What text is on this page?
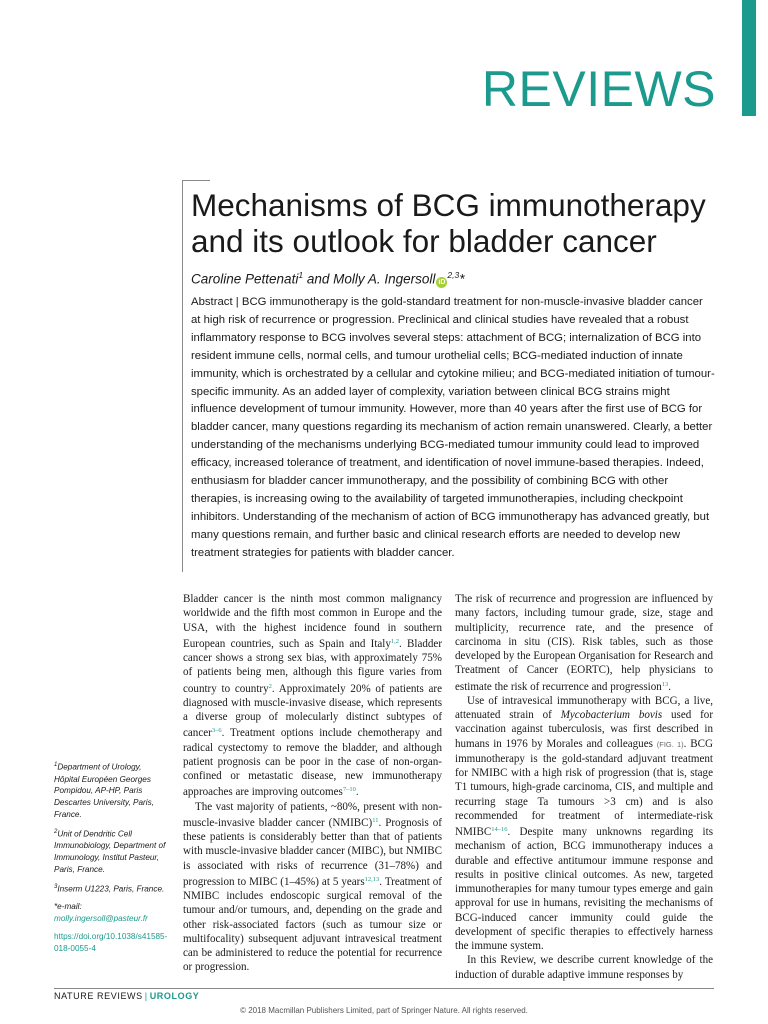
REVIEWS
Mechanisms of BCG immunotherapy and its outlook for bladder cancer
Caroline Pettenati$^1$ and Molly A. Ingersoll iD$^{2,3}$*
Abstract | BCG immunotherapy is the gold-standard treatment for non-muscle-invasive bladder cancer at high risk of recurrence or progression. Preclinical and clinical studies have revealed that a robust inflammatory response to BCG involves several steps: attachment of BCG; internalization of BCG into resident immune cells, normal cells, and tumour urothelial cells; BCG-mediated induction of innate immunity, which is orchestrated by a cellular and cytokine milieu; and BCG-mediated initiation of tumour-specific immunity. As an added layer of complexity, variation between clinical BCG strains might influence development of tumour immunity. However, more than 40 years after the first use of BCG for bladder cancer, many questions regarding its mechanism of action remain unanswered. Clearly, a better understanding of the mechanisms underlying BCG-mediated tumour immunity could lead to improved efficacy, increased tolerance of treatment, and identification of novel immune-based therapies. Indeed, enthusiasm for bladder cancer immunotherapy, and the possibility of combining BCG with other therapies, is increasing owing to the availability of targeted immunotherapies, including checkpoint inhibitors. Understanding of the mechanism of action of BCG immunotherapy has advanced greatly, but many questions remain, and further basic and clinical research efforts are needed to develop new treatment strategies for patients with bladder cancer.

Bladder cancer is the ninth most common malignancy worldwide and the fifth most common in Europe and the USA, with the highest incidence found in southern European countries, such as Spain and Italy$^{1,2}$. Bladder cancer shows a strong sex bias, with approximately 75% of patients being men, although this figure varies from country to country$^2$. Approximately 20% of patients are diagnosed with muscle-invasive disease, which represents a diverse group of molecularly distinct subtypes of cancer$^{3-6}$. Treatment options include chemotherapy and radical cystectomy to remove the bladder, and although patient prognosis can be poor in the case of non-organ-confined or metastatic disease, new immunotherapy approaches are improving outcomes$^{7-10}$.

The vast majority of patients, ~80%, present with non-muscle-invasive bladder cancer (NMIBC)$^{11}$. Prognosis of these patients is considerably better than that of patients with muscle-invasive bladder cancer (MIBC), but NMIBC is associated with risks of recurrence (31–78%) and progression to MIBC (1–45%) at 5 years$^{12,13}$. Treatment of NMIBC includes endoscopic surgical removal of the tumour and/or tumours, and, depending on the grade and other risk-associated factors (such as tumour size or multifocality) subsequent adjuvant intravesical treatment can be administered to reduce the potential for recurrence or progression.

The risk of recurrence and progression are influenced by many factors, including tumour grade, size, stage and multiplicity, recurrence rate, and the presence of carcinoma in situ (CIS). Risk tables, such as those developed by the European Organisation for Research and Treatment of Cancer (EORTC), help physicians to estimate the risk of recurrence and progression$^{13}$.

Use of intravesical immunotherapy with BCG, a live, attenuated strain of Mycobacterium bovis used for vaccination against tuberculosis, was first described in humans in 1976 by Morales and colleagues (FIG. 1). BCG immunotherapy is the gold-standard adjuvant treatment for NMIBC with a high risk of progression (that is, stage T1 tumours, high-grade carcinoma, CIS, and multiple and recurring stage Ta tumours >3 cm) and is also recommended for treatment of intermediate-risk NMIBC$^{14-16}$. Despite many unknowns regarding its mechanism of action, BCG immunotherapy induces a durable and effective antitumour immune response and results in positive clinical outcomes. As new, targeted immunotherapies for many tumour types emerge and gain approval for use in humans, revisiting the mechanisms of BCG-induced cancer immunity could guide the development of specific therapies to effectively harness the immune system.

In this Review, we describe current knowledge of the induction of durable adaptive immune responses by

$^1$Department of Urology, Hôpital Européen Georges Pompidou, AP-HP, Paris Descartes University, Paris, France.
$^2$Unit of Dendritic Cell Immunobiology, Department of Immunology, Institut Pasteur, Paris, France.
$^3$Inserm U1223, Paris, France.
*e-mail: molly.ingersoll@pasteur.fr
https://doi.org/10.1038/s41585-018-0055-4
NATURE REVIEWS | UROLOGY
© 2018 Macmillan Publishers Limited, part of Springer Nature. All rights reserved.
